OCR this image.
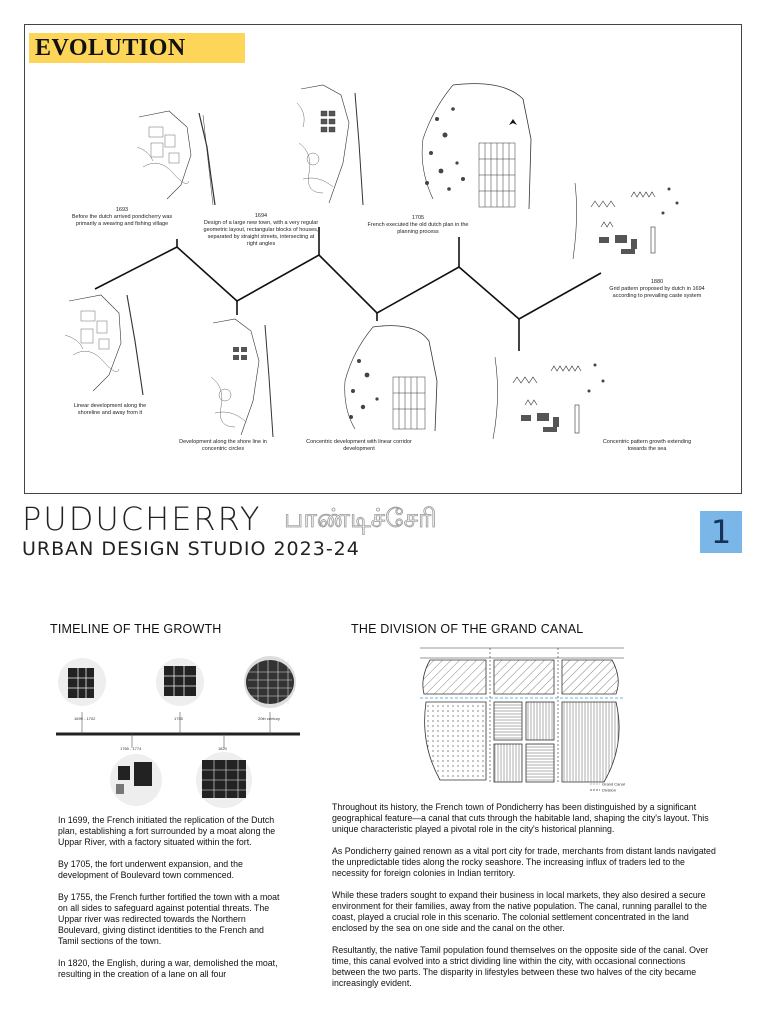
EVOLUTION
1693
Before the dutch arrived pondicherry was primarily a weaving and fishing village
1694
Design of a large new town, with a very regular geometric layout, rectangular blocks of houses, separated by straight streets, intersecting at right angles
1705
French executed the old dutch plan in the planning process
1880
Grid pattern proposed by dutch in 1694 according to prevailing caste system
Linear development along the shoreline and away from it
Development along the shore line in concentric circles
Concentric development with linear corridor development
Concentric pattern growth extending towards the sea
PUDUCHERRY பாண்டிச்சேரி
URBAN DESIGN STUDIO 2023-24	1
TIMELINE OF THE GROWTH
1699 - 1702	1755	20th century
1765 - 1774	1820

In 1699, the French initiated the replication of the Dutch plan, establishing a fort surrounded by a moat along the Uppar River, with a factory situated within the fort.

By 1705, the fort underwent expansion, and the development of Boulevard town commenced.

By 1755, the French further fortified the town with a moat on all sides to safeguard against potential threats. The Uppar river was redirected towards the Northern Boulevard, giving distinct identities to the French and Tamil sections of the town.

In 1820, the English, during a war, demolished the moat, resulting in the creation of a lane on all four

THE DIVISION OF THE GRAND CANAL
Grand Canal
Division

Throughout its history, the French town of Pondicherry has been distinguished by a significant geographical feature—a canal that cuts through the habitable land, shaping the city's layout. This unique characteristic played a pivotal role in the city's historical planning.

As Pondicherry gained renown as a vital port city for trade, merchants from distant lands navigated the unpredictable tides along the rocky seashore. The increasing influx of traders led to the necessity for foreign colonies in Indian territory.

While these traders sought to expand their business in local markets, they also desired a secure environment for their families, away from the native population. The canal, running parallel to the coast, played a crucial role in this scenario. The colonial settlement concentrated in the land enclosed by the sea on one side and the canal on the other.

Resultantly, the native Tamil population found themselves on the opposite side of the canal. Over time, this canal evolved into a strict dividing line within the city, with occasional connections between the two parts. The disparity in lifestyles between these two halves of the city became increasingly evident.
